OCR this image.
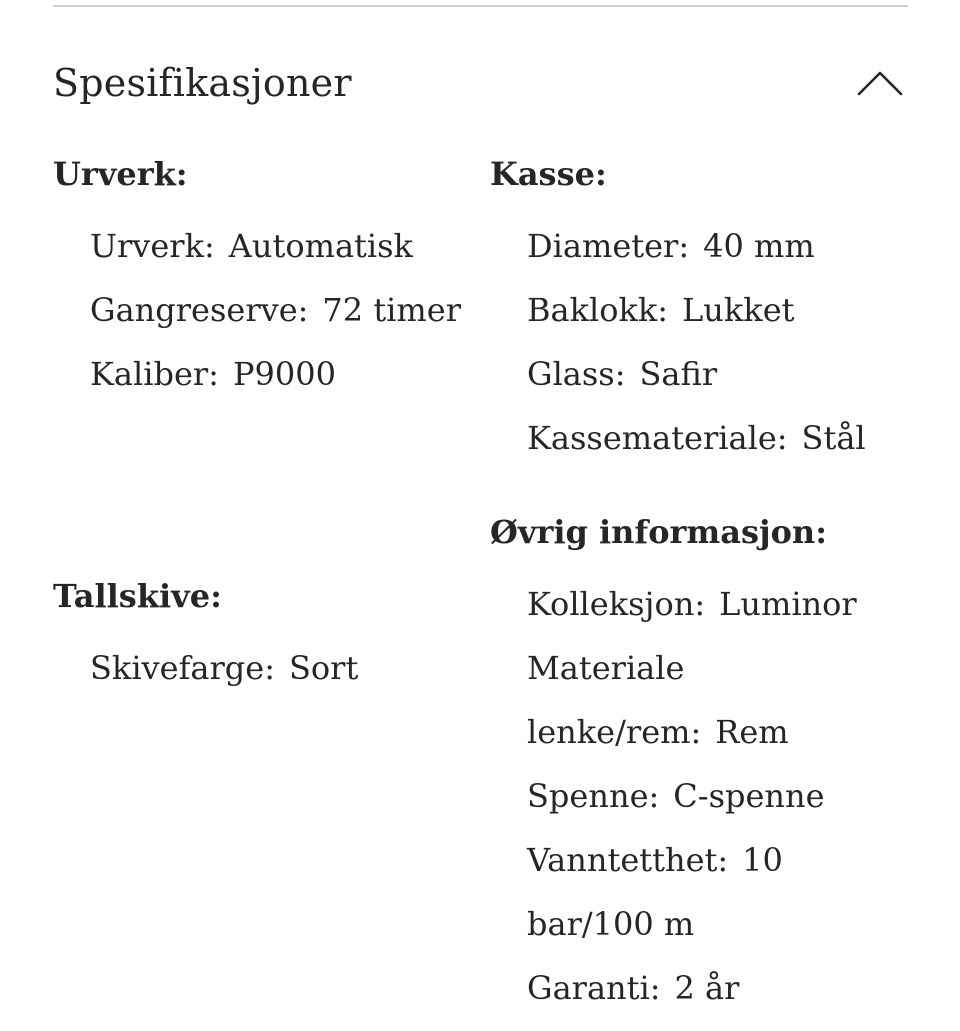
Spesifikasjoner
Urverk:
Urverk: Automatisk
Gangreserve: 72 timer
Kaliber: P9000
Tallskive:
Skivefarge: Sort
Kasse:
Diameter: 40 mm
Baklokk: Lukket
Glass: Safir
Kassemateriale: Stål
Øvrig informasjon:
Kolleksjon: Luminor
Materiale
lenke/rem: Rem
Spenne: C-spenne
Vanntetthet: 10
bar/100 m
Garanti: 2 år
